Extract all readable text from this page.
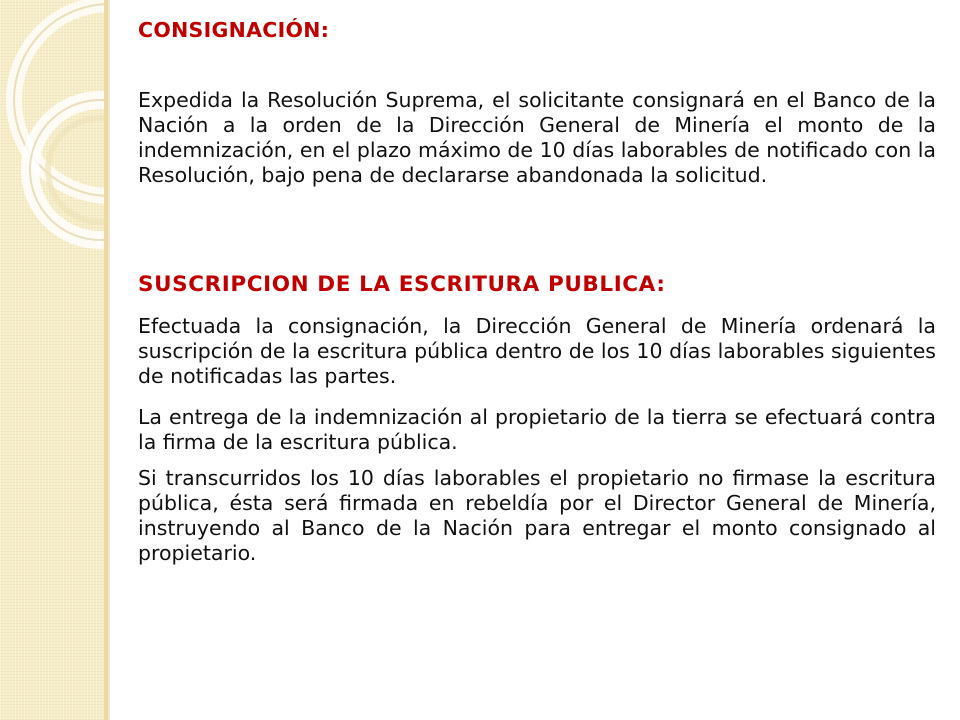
CONSIGNACIÓN:

Expedida la Resolución Suprema, el solicitante consignará en el Banco de la Nación a la orden de la Dirección General de Minería el monto de la indemnización, en el plazo máximo de 10 días laborables de notificado con la Resolución, bajo pena de declararse abandonada la solicitud.

SUSCRIPCION DE LA ESCRITURA PUBLICA:

Efectuada la consignación, la Dirección General de Minería ordenará la suscripción de la escritura pública dentro de los 10 días laborables siguientes de notificadas las partes.

La entrega de la indemnización al propietario de la tierra se efectuará contra la firma de la escritura pública.

Si transcurridos los 10 días laborables el propietario no firmase la escritura pública, ésta será firmada en rebeldía por el Director General de Minería, instruyendo al Banco de la Nación para entregar el monto consignado al propietario.
